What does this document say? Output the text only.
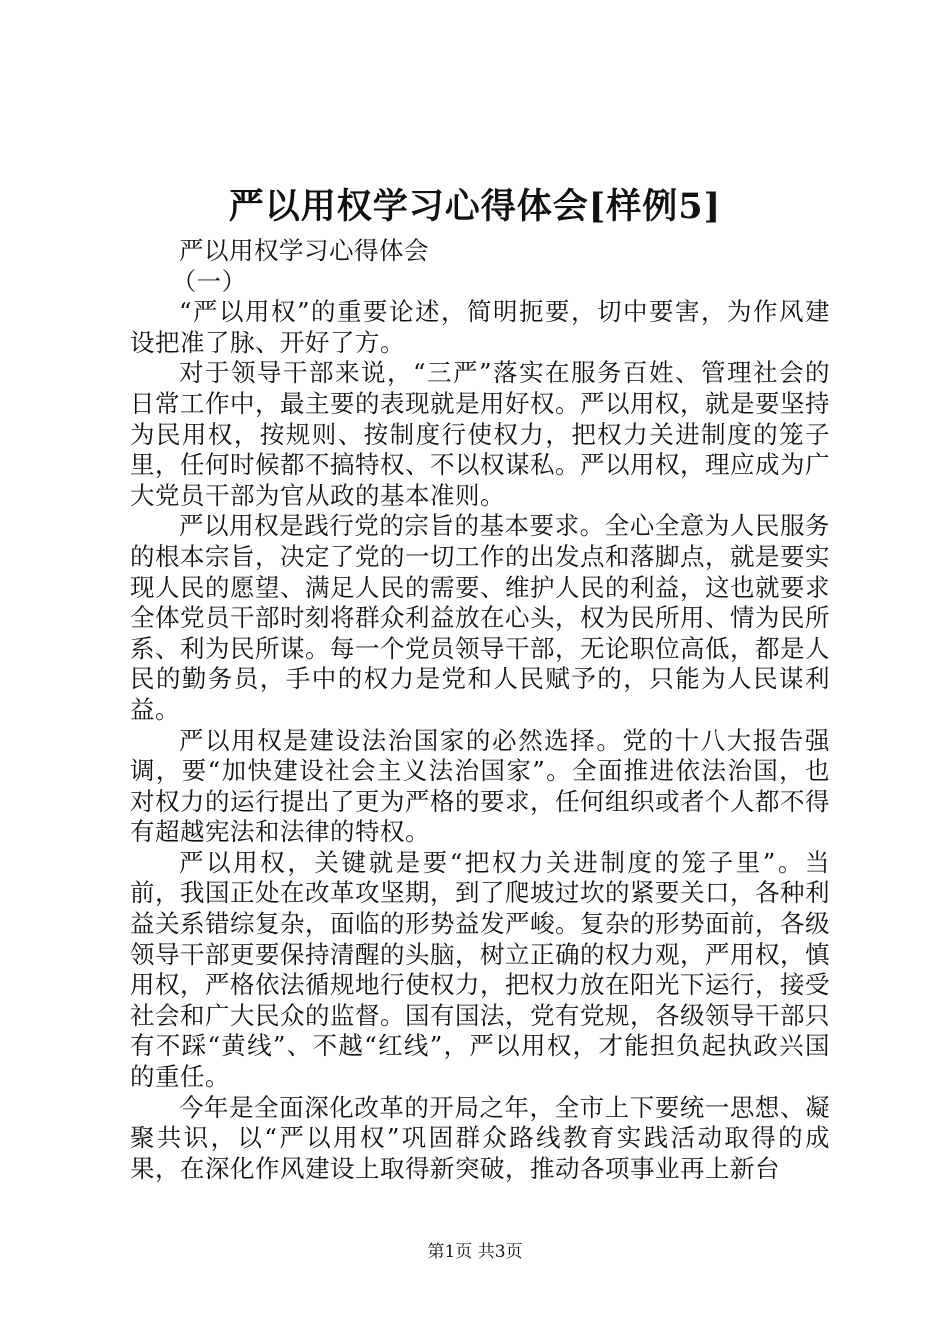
严以用权学习心得体会[样例5]

严以用权学习心得体会

（一）

“严以用权”的重要论述，简明扼要，切中要害，为作风建设把准了脉、开好了方。

对于领导干部来说，“三严”落实在服务百姓、管理社会的日常工作中，最主要的表现就是用好权。严以用权，就是要坚持为民用权，按规则、按制度行使权力，把权力关进制度的笼子里，任何时候都不搞特权、不以权谋私。严以用权，理应成为广大党员干部为官从政的基本准则。

严以用权是践行党的宗旨的基本要求。全心全意为人民服务的根本宗旨，决定了党的一切工作的出发点和落脚点，就是要实现人民的愿望、满足人民的需要、维护人民的利益，这也就要求全体党员干部时刻将群众利益放在心头，权为民所用、情为民所系、利为民所谋。每一个党员领导干部，无论职位高低，都是人民的勤务员，手中的权力是党和人民赋予的，只能为人民谋利益。

严以用权是建设法治国家的必然选择。党的十八大报告强调，要“加快建设社会主义法治国家”。全面推进依法治国，也对权力的运行提出了更为严格的要求，任何组织或者个人都不得有超越宪法和法律的特权。

严以用权，关键就是要“把权力关进制度的笼子里”。当前，我国正处在改革攻坚期，到了爬坡过坎的紧要关口，各种利益关系错综复杂，面临的形势益发严峻。复杂的形势面前，各级领导干部更要保持清醒的头脑，树立正确的权力观，严用权，慎用权，严格依法循规地行使权力，把权力放在阳光下运行，接受社会和广大民众的监督。国有国法，党有党规，各级领导干部只有不踩“黄线”、不越“红线”，严以用权，才能担负起执政兴国的重任。

今年是全面深化改革的开局之年，全市上下要统一思想、凝聚共识，以“严以用权”巩固群众路线教育实践活动取得的成果，在深化作风建设上取得新突破，推动各项事业再上新台

第1页 共3页
